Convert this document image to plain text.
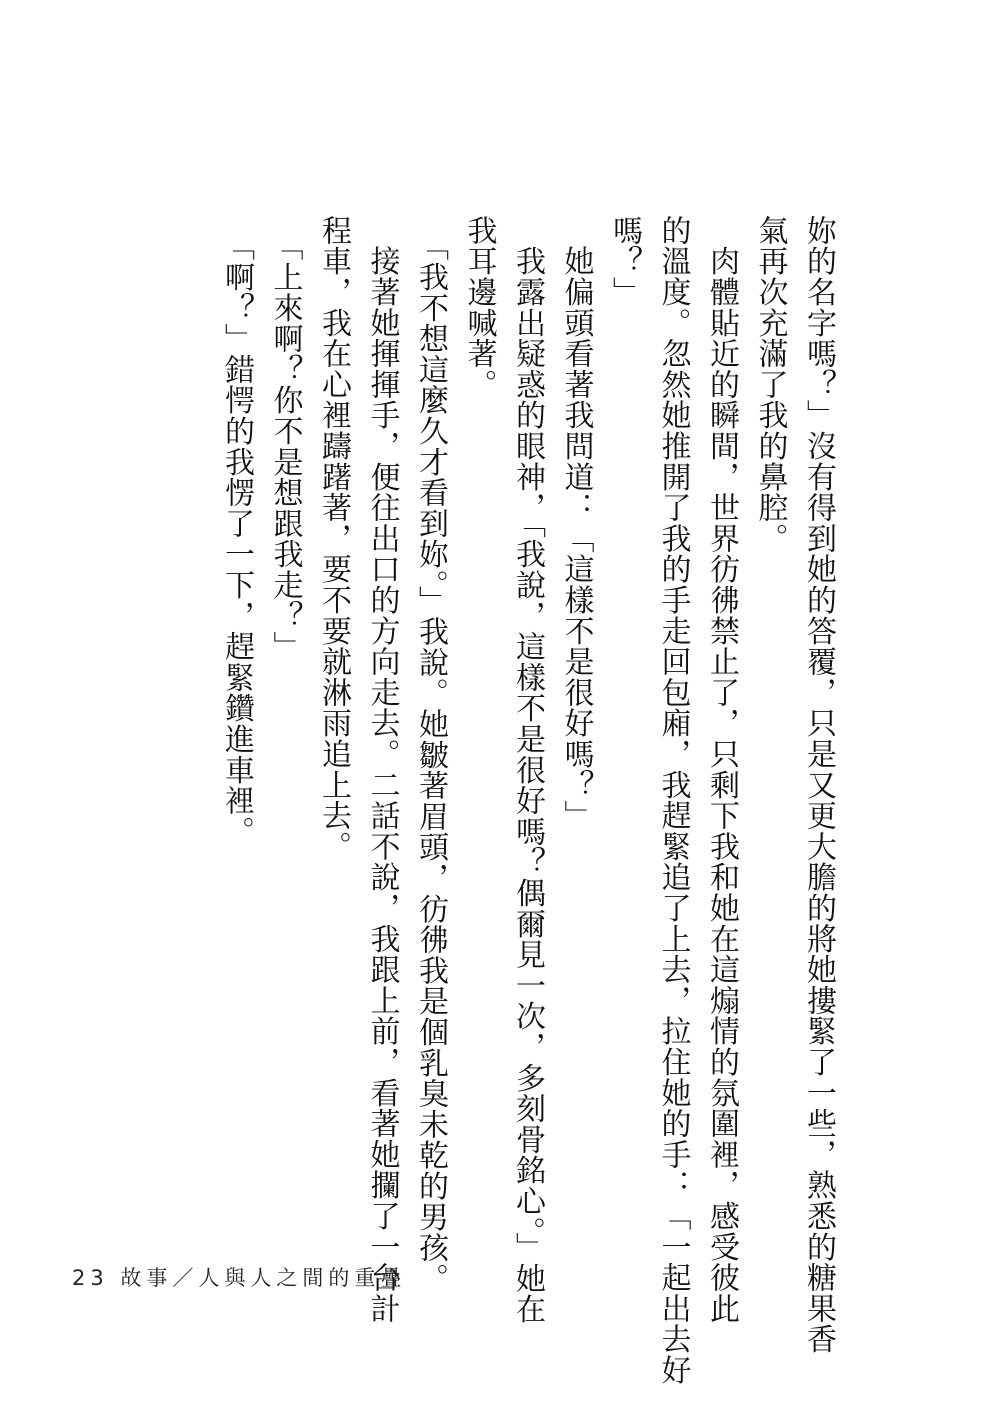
妳的名字嗎？」沒有得到她的答覆，只是又更大膽的將她摟緊了一些，熟悉的糖果香
氣再次充滿了我的鼻腔。

　肉體貼近的瞬間，世界彷彿禁止了，只剩下我和她在這煽情的氛圍裡，感受彼此
的溫度。忽然她推開了我的手走回包廂，我趕緊追了上去，拉住她的手：「一起出去好
嗎？」

　她偏頭看著我問道：「這樣不是很好嗎？」

　我露出疑惑的眼神，「我說，這樣不是很好嗎？偶爾見一次，多刻骨銘心。」她在
我耳邊喊著。

　「我不想這麼久才看到妳。」我說。她皺著眉頭，彷彿我是個乳臭未乾的男孩。

　接著她揮揮手，便往出口的方向走去。二話不說，我跟上前，看著她攔了一台計
程車，我在心裡躊躇著，要不要就淋雨追上去。

　「上來啊？你不是想跟我走？」

　「啊？」錯愕的我愣了一下，趕緊鑽進車裡。

23 故事／人與人之間的重疊
